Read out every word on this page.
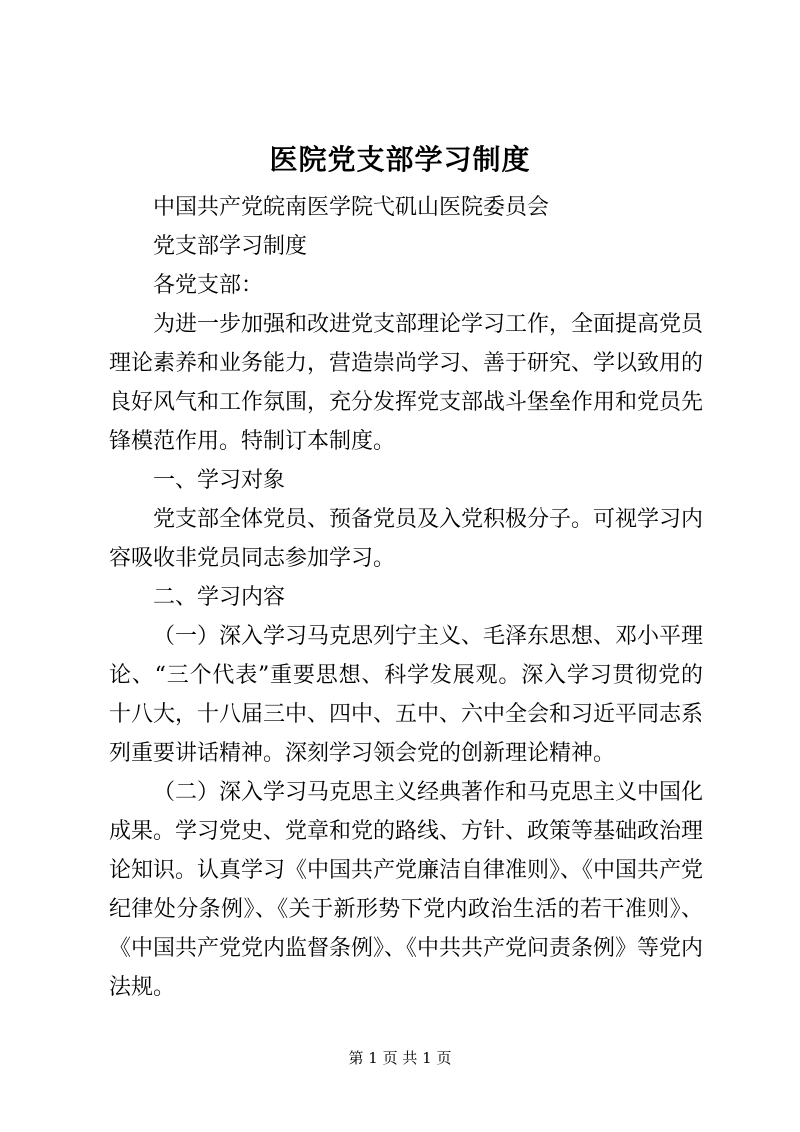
医院党支部学习制度

中国共产党皖南医学院弋矶山医院委员会

党支部学习制度

各党支部：

为进一步加强和改进党支部理论学习工作，全面提高党员理论素养和业务能力，营造崇尚学习、善于研究、学以致用的良好风气和工作氛围，充分发挥党支部战斗堡垒作用和党员先锋模范作用。特制订本制度。

一、学习对象

党支部全体党员、预备党员及入党积极分子。可视学习内容吸收非党员同志参加学习。

二、学习内容

（一）深入学习马克思列宁主义、毛泽东思想、邓小平理论、“三个代表”重要思想、科学发展观。深入学习贯彻党的十八大，十八届三中、四中、五中、六中全会和习近平同志系列重要讲话精神。深刻学习领会党的创新理论精神。

（二）深入学习马克思主义经典著作和马克思主义中国化成果。学习党史、党章和党的路线、方针、政策等基础政治理论知识。认真学习《中国共产党廉洁自律准则》、《中国共产党纪律处分条例》、《关于新形势下党内政治生活的若干准则》、《中国共产党党内监督条例》、《中共共产党问责条例》等党内法规。

第 1 页 共 1 页
